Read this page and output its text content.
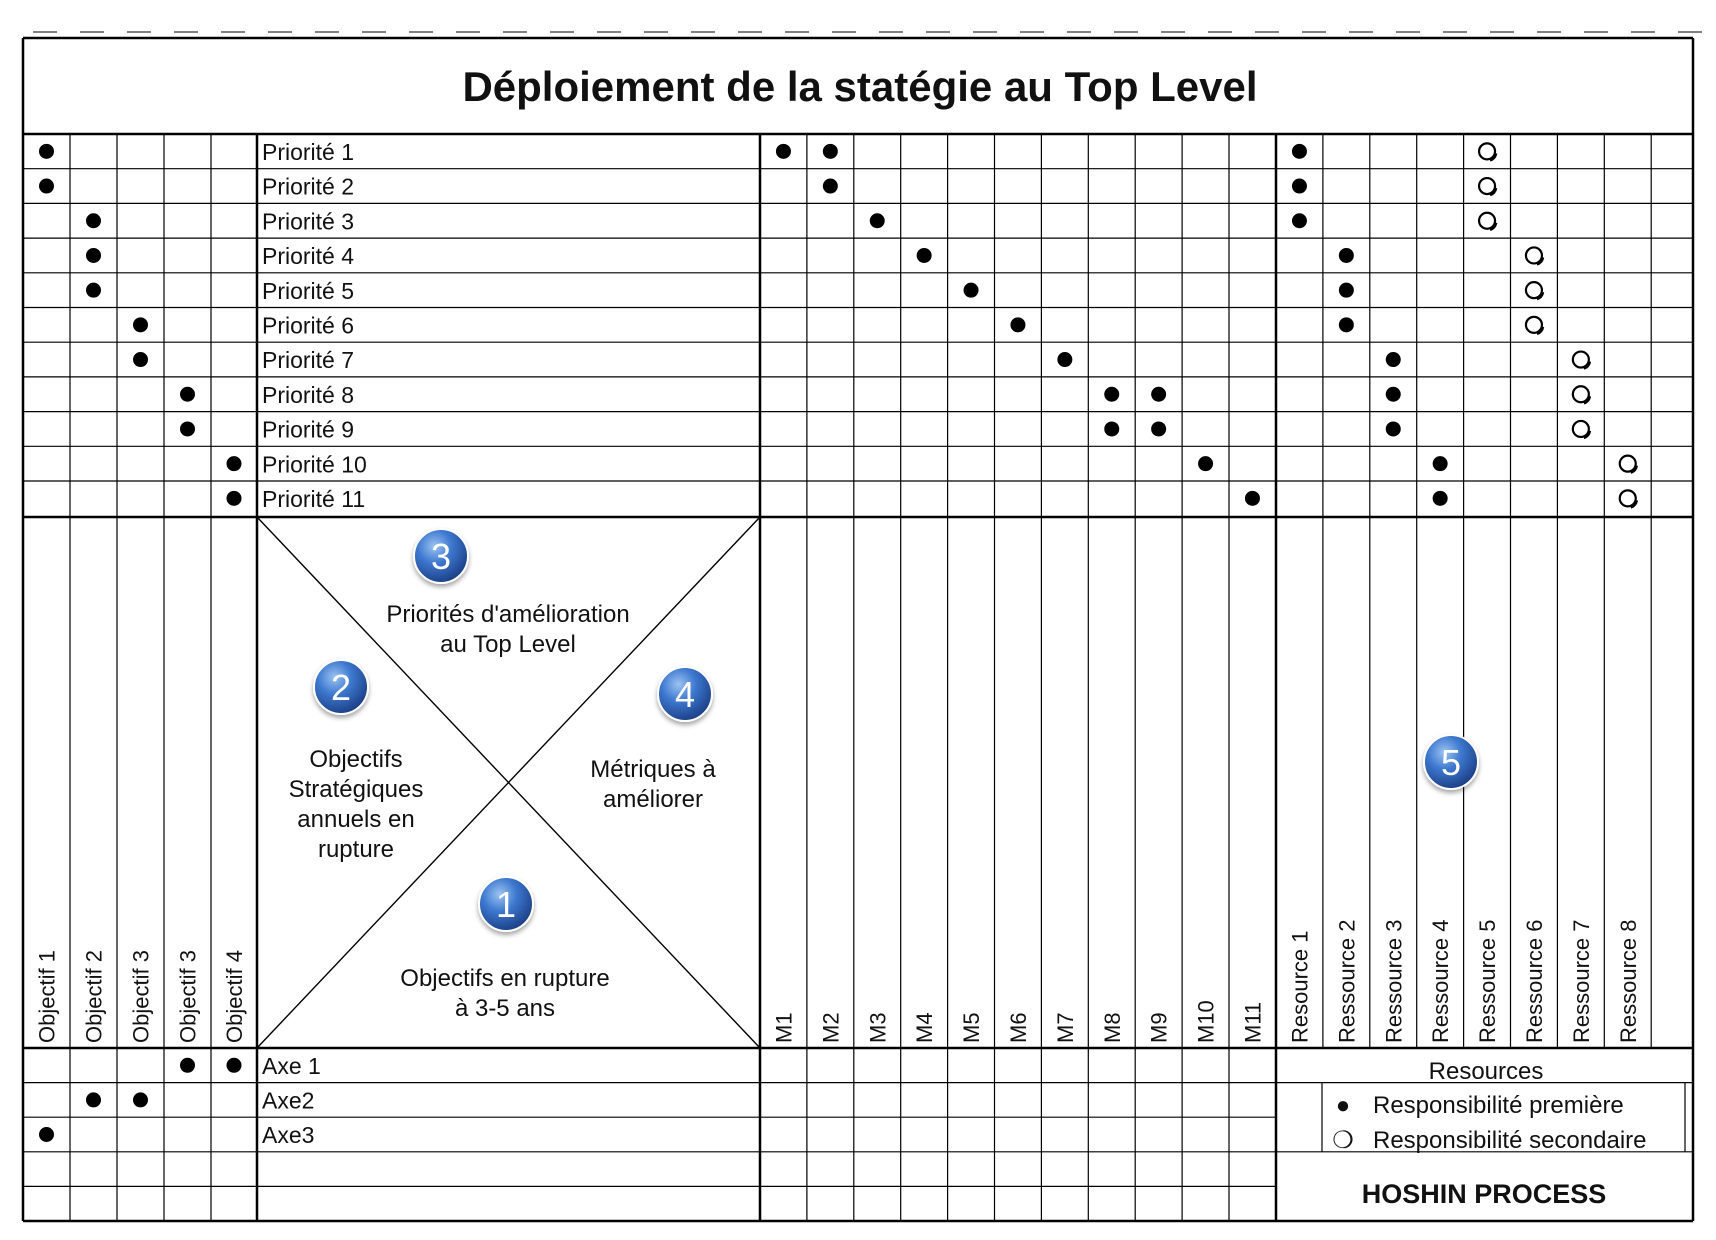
Déploiement de la statégie au Top Level
Priorités d'amélioration
au Top Level
Objectifs
Stratégiques
annuels en
rupture
Métriques à
améliorer
Objectifs en rupture
à 3-5 ans
3
2	4
1
5
Resources
● Responsibilité première
❍ Responsibilité secondaire
HOSHIN PROCESS
Priorité 1
Priorité 2
Priorité 3
Priorité 4
Priorité 5
Priorité 6
Priorité 7
Priorité 8
Priorité 9
Priorité 10
Priorité 11
Axe 1
Axe2
Axe3
Objectif 1 Objectif 2 Objectif 3 Objectif 3 Objectif 4	M1 M2 M3 M4 M5 M6 M7 M8 M9 M10 M11 Resource 1 Ressource 2 Ressource 3 Ressource 4 Ressource 5 Ressource 6 Ressource 7 Ressource 8
